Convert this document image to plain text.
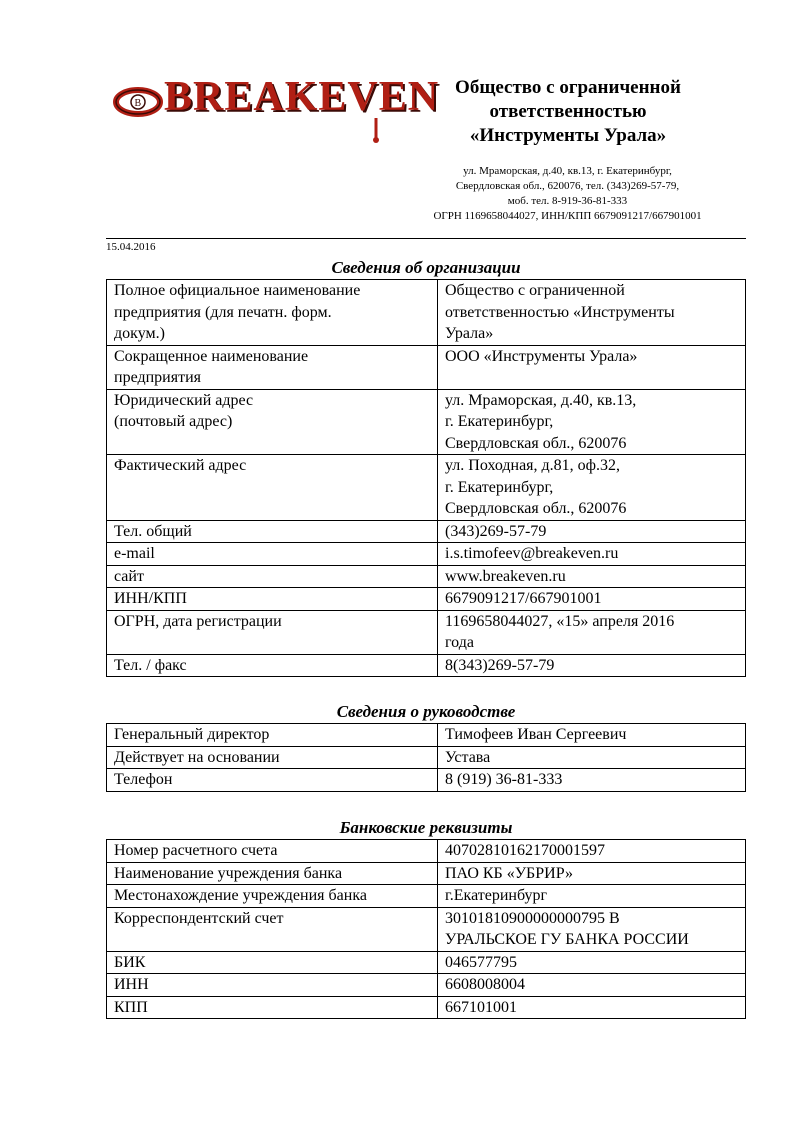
B BREAKEVEN Общество с ограниченной
ответственностью
«Инструменты Урала»
ул. Мраморская, д.40, кв.13, г. Екатеринбург,
Свердловская обл., 620076, тел. (343)269-57-79,
моб. тел. 8-919-36-81-333
ОГРН 1169658044027, ИНН/КПП 6679091217/667901001
15.04.2016
Сведения об организации
Полное официальное наименование
предприятия (для печатн. форм.
докум.)	Общество с ограниченной
ответственностью «Инструменты
Урала»
Сокращенное наименование
предприятия	ООО «Инструменты Урала»
Юридический адрес
(почтовый адрес)	ул. Мраморская, д.40, кв.13,
г. Екатеринбург,
Свердловская обл., 620076
Фактический адрес	ул. Походная, д.81, оф.32,
г. Екатеринбург,
Свердловская обл., 620076
Тел. общий	(343)269-57-79
e-mail	i.s.timofeev@breakeven.ru
сайт	www.breakeven.ru
ИНН/КПП	6679091217/667901001
ОГРН, дата регистрации	1169658044027, «15» апреля 2016
года
Тел. / факс	8(343)269-57-79
Сведения о руководстве
Генеральный директор	Тимофеев Иван Сергеевич
Действует на основании	Устава
Телефон	8 (919) 36-81-333
Банковские реквизиты
Номер расчетного счета	40702810162170001597
Наименование учреждения банка	ПАО КБ «УБРИР»
Местонахождение учреждения банка	г.Екатеринбург
Корреспондентский счет	30101810900000000795 В
УРАЛЬСКОЕ ГУ БАНКА РОССИИ
БИК	046577795
ИНН	6608008004
КПП	667101001
